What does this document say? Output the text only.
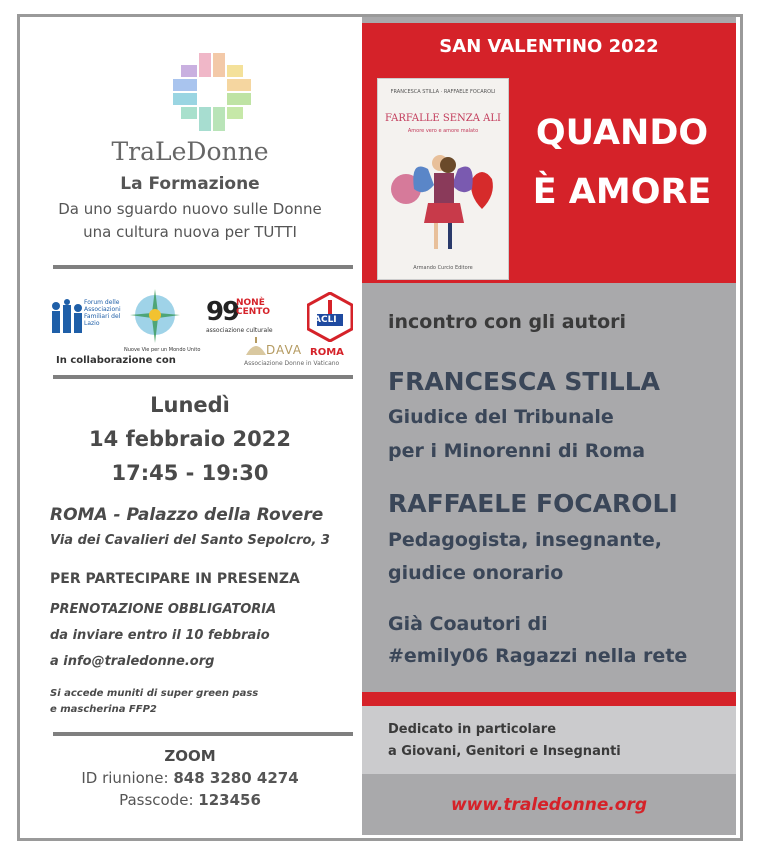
TraLeDonne
La Formazione
Da uno sguardo nuovo sulle Donne
una cultura nuova per TUTTI
Forum delle Associazioni Familiari del Lazio
Nuove Vie per un Mondo Unito
99
NONÈ CENTO
associazione culturale
ACLI
ROMA
DAVA
Associazione Donne in Vaticano
In collaborazione con
Lunedì
14 febbraio 2022
17:45 - 19:30
ROMA - Palazzo della Rovere
Via dei Cavalieri del Santo Sepolcro, 3
PER PARTECIPARE IN PRESENZA
PRENOTAZIONE OBBLIGATORIA
da inviare entro il 10 febbraio
a info@traledonne.org
Si accede muniti di super green pass
e mascherina FFP2
ZOOM
ID riunione: 848 3280 4274
Passcode: 123456
SAN VALENTINO 2022
FRANCESCA STILLA · RAFFAELE FOCAROLI
FARFALLE SENZA ALI
Amore vero e amore malato
Armando Curcio Editore
QUANDO
È AMORE
incontro con gli autori
FRANCESCA STILLA
Giudice del Tribunale
per i Minorenni di Roma
RAFFAELE FOCAROLI
Pedagogista, insegnante,
giudice onorario
Già Coautori di
#emily06 Ragazzi nella rete
Dedicato in particolare
a Giovani, Genitori e Insegnanti
www.traledonne.org
